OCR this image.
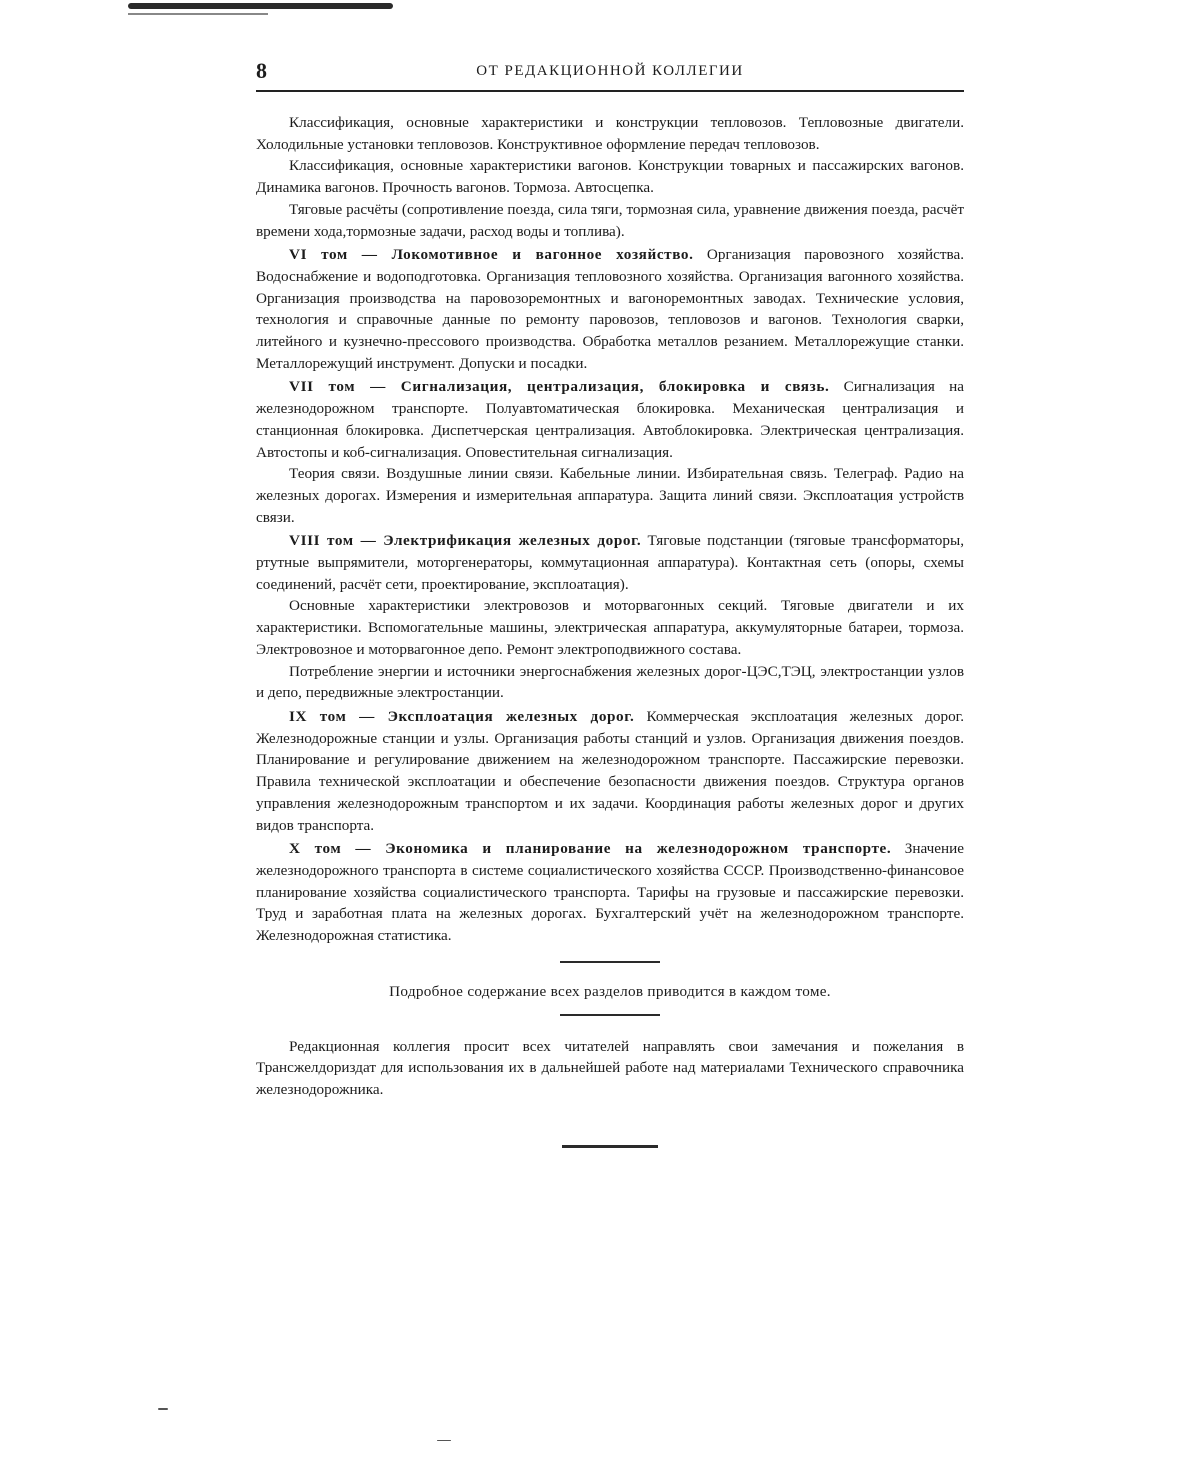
8	ОТ РЕДАКЦИОННОЙ КОЛЛЕГИИ

Классификация, основные характеристики и конструкции тепловозов. Тепловозные двигатели. Холодильные установки тепловозов. Конструктивное оформление передач тепловозов.

Классификация, основные характеристики вагонов. Конструкции товарных и пассажирских вагонов. Динамика вагонов. Прочность вагонов. Тормоза. Автосцепка.

Тяговые расчёты (сопротивление поезда, сила тяги, тормозная сила, уравнение движения поезда, расчёт времени хода,тормозные задачи, расход воды и топлива).

VI том — Локомотивное и вагонное хозяйство. Организация паровозного хозяйства. Водоснабжение и водоподготовка. Организация тепловозного хозяйства. Организация вагонного хозяйства. Организация производства на паровозоремонтных и вагоноремонтных заводах. Технические условия, технология и справочные данные по ремонту паровозов, тепловозов и вагонов. Технология сварки, литейного и кузнечно-прессового производства. Обработка металлов резанием. Металлорежущие станки. Металлорежущий инструмент. Допуски и посадки.

VII том — Сигнализация, централизация, блокировка и связь. Сигнализация на железнодорожном транспорте. Полуавтоматическая блокировка. Механическая централизация и станционная блокировка. Диспетчерская централизация. Автоблокировка. Электрическая централизация. Автостопы и коб-сигнализация. Оповестительная сигнализация.

Теория связи. Воздушные линии связи. Кабельные линии. Избирательная связь. Телеграф. Радио на железных дорогах. Измерения и измерительная аппаратура. Защита линий связи. Эксплоатация устройств связи.

VIII том — Электрификация железных дорог. Тяговые подстанции (тяговые трансформаторы, ртутные выпрямители, моторгенераторы, коммутационная аппаратура). Контактная сеть (опоры, схемы соединений, расчёт сети, проектирование, эксплоатация).

Основные характеристики электровозов и моторвагонных секций. Тяговые двигатели и их характеристики. Вспомогательные машины, электрическая аппаратура, аккумуляторные батареи, тормоза. Электровозное и моторвагонное депо. Ремонт электроподвижного состава.

Потребление энергии и источники энергоснабжения железных дорог-ЦЭС,ТЭЦ, электростанции узлов и депо, передвижные электростанции.

IX том — Эксплоатация железных дорог. Коммерческая эксплоатация железных дорог. Железнодорожные станции и узлы. Организация работы станций и узлов. Организация движения поездов. Планирование и регулирование движением на железнодорожном транспорте. Пассажирские перевозки. Правила технической эксплоатации и обеспечение безопасности движения поездов. Структура органов управления железнодорожным транспортом и их задачи. Координация работы железных дорог и других видов транспорта.

X том — Экономика и планирование на железнодорожном транспорте. Значение железнодорожного транспорта в системе социалистического хозяйства СССР. Производственно-финансовое планирование хозяйства социалистического транспорта. Тарифы на грузовые и пассажирские перевозки. Труд и заработная плата на железных дорогах. Бухгалтерский учёт на железнодорожном транспорте. Железнодорожная статистика.

Подробное содержание всех разделов приводится в каждом томе.
Редакционная коллегия просит всех читателей направлять свои замечания и пожелания в Трансжелдориздат для использования их в дальнейшей работе над материалами Технического справочника железнодорожника.
